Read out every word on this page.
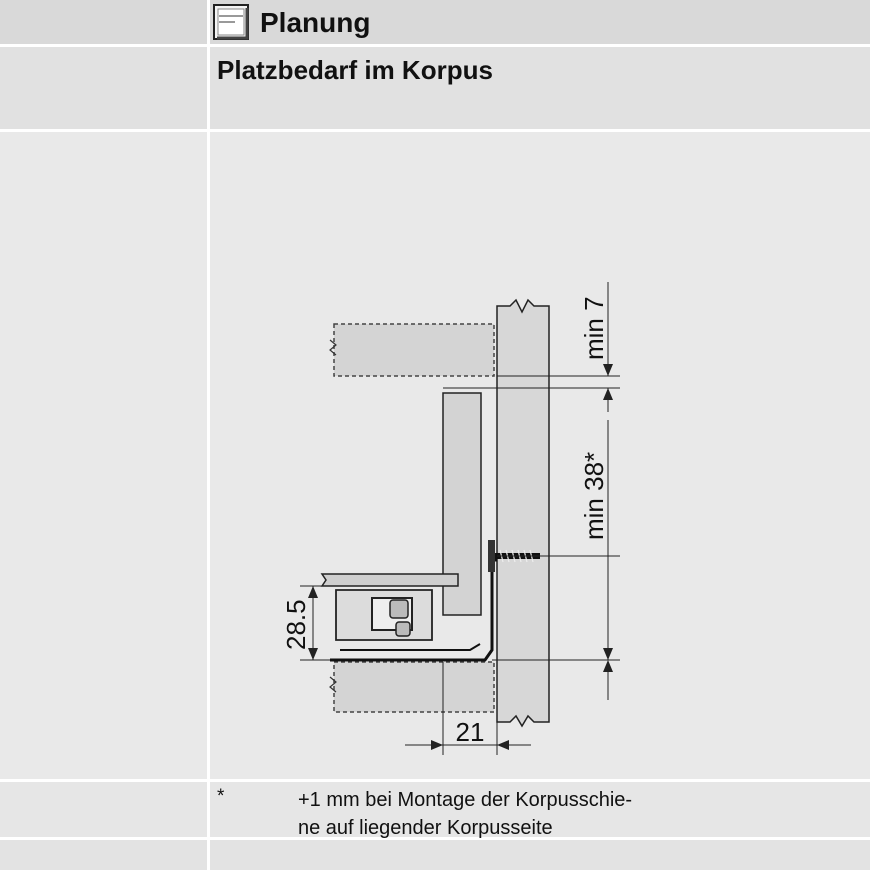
Planung
Platzbedarf im Korpus
min 7
min 38*
28.5
21
*	+1 mm bei Montage der Korpusschie-
ne auf liegender Korpusseite
